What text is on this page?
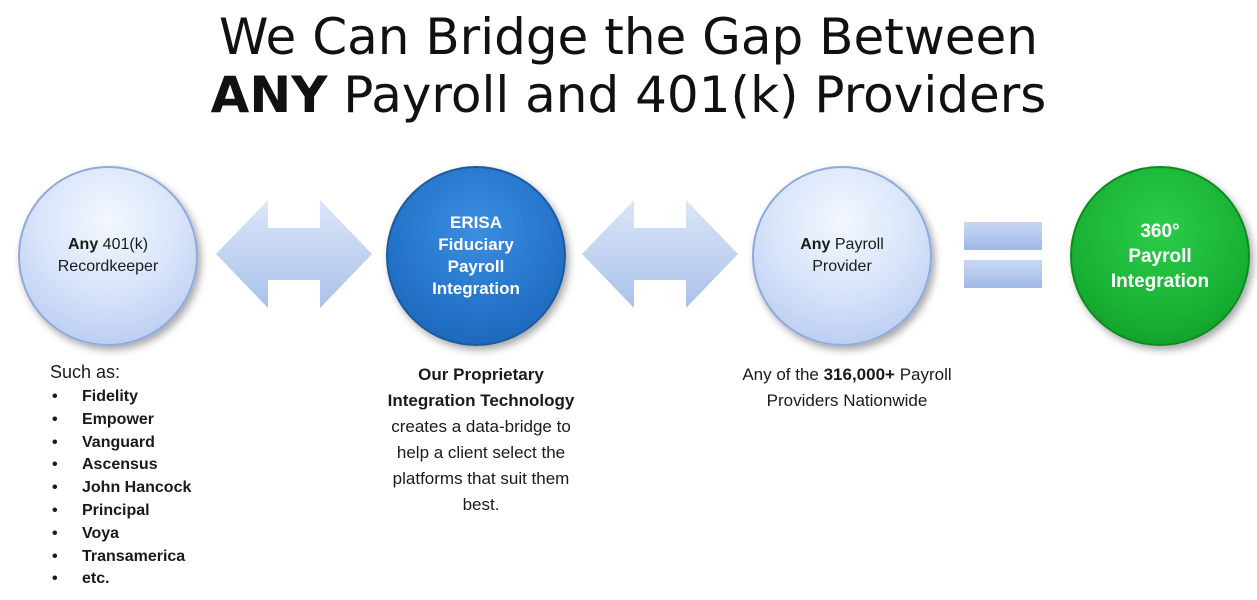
We Can Bridge the Gap Between
ANY Payroll and 401(k) Providers
Any 401(k)
Recordkeeper
ERISA
Fiduciary
Payroll
Integration
Any Payroll
Provider
360°
Payroll
Integration
Such as:
• Fidelity
• Empower
• Vanguard
• Ascensus
• John Hancock
• Principal
• Voya
• Transamerica
• etc.
Our Proprietary Integration Technology creates a data-bridge to help a client select the platforms that suit them best.
Any of the 316,000+ Payroll Providers Nationwide
